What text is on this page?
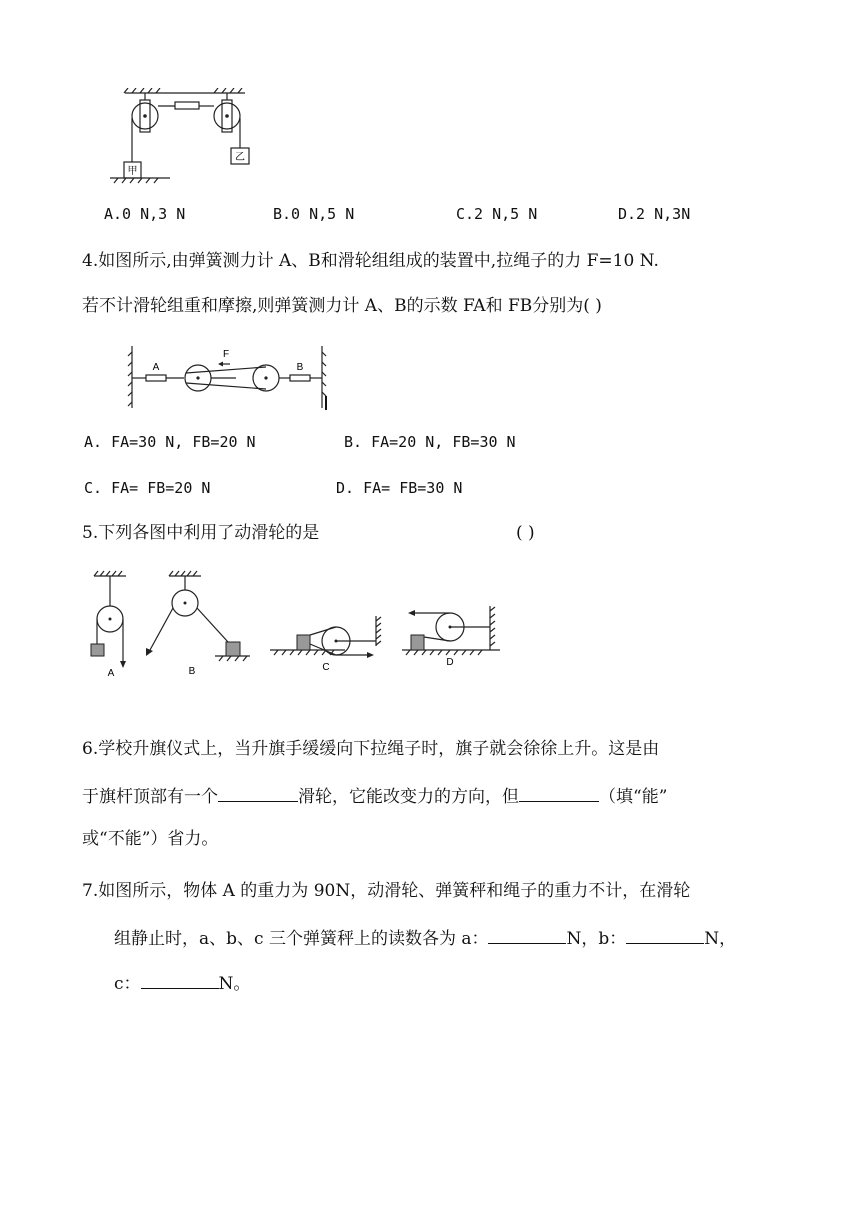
甲
乙
A.0 N,3 N	B.0 N,5 N	C.2 N,5 N	D.2 N,3N
4.如图所示,由弹簧测力计 A、B和滑轮组组成的装置中,拉绳子的力 F=10 N.
若不计滑轮组重和摩擦,则弹簧测力计 A、B的示数 FA和 FB分别为( )
A
F
B
A. FA=30 N, FB=20 N	B. FA=20 N, FB=30 N
C. FA= FB=20 N	D. FA= FB=30 N
5.下列各图中利用了动滑轮的是	( )
A	B	C	D
6.学校升旗仪式上，当升旗手缓缓向下拉绳子时，旗子就会徐徐上升。这是由
于旗杆顶部有一个	滑轮，它能改变力的方向，但	（填“能”
或“不能”）省力。
7.如图所示，物体 A 的重力为 90N，动滑轮、弹簧秤和绳子的重力不计，在滑轮
组静止时，a、b、c 三个弹簧秤上的读数各为 a：	N，b：	N，
c：	N。
